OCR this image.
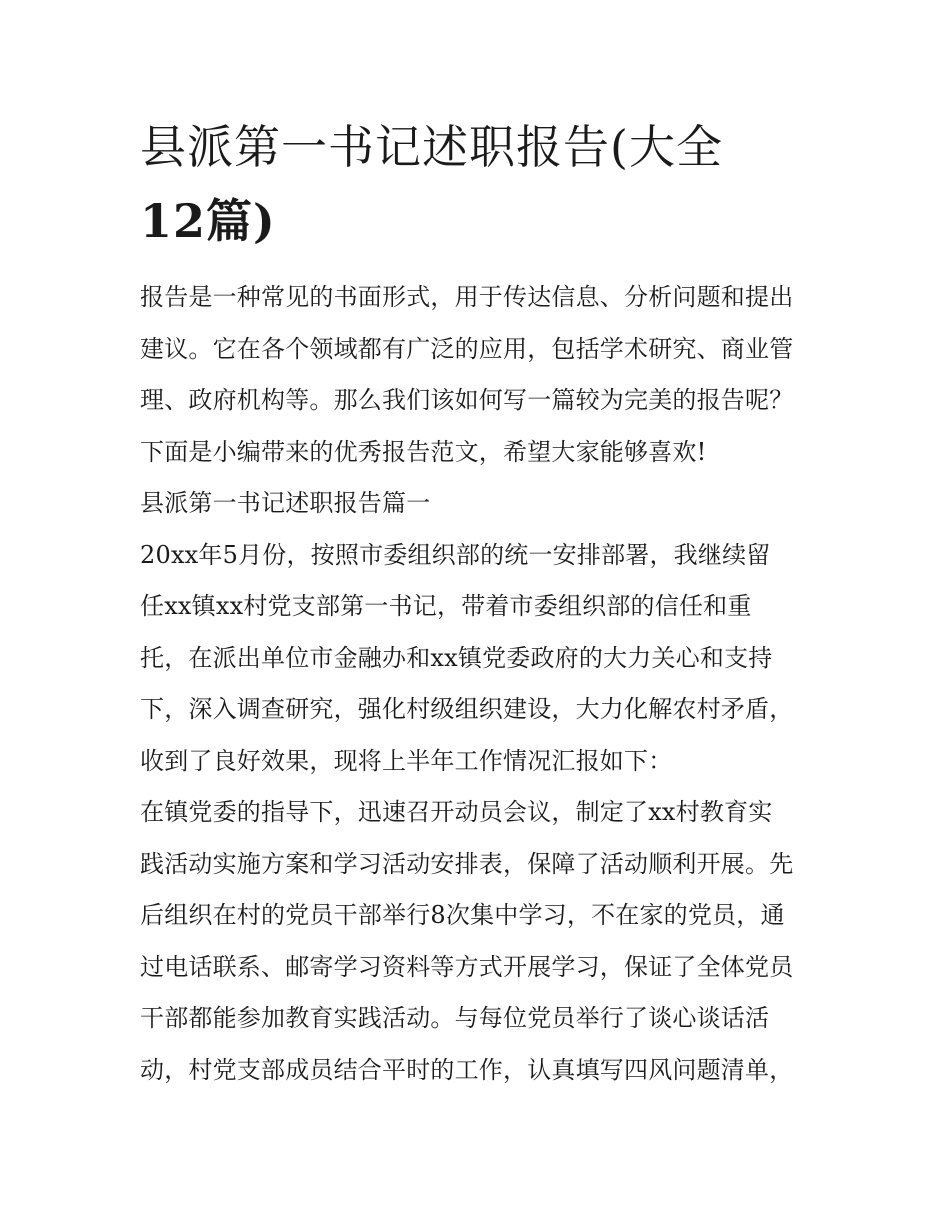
县派第一书记述职报告(大全
12篇)
报告是一种常见的书面形式，用于传达信息、分析问题和提出
建议。它在各个领域都有广泛的应用，包括学术研究、商业管
理、政府机构等。那么我们该如何写一篇较为完美的报告呢？
下面是小编带来的优秀报告范文，希望大家能够喜欢!
县派第一书记述职报告篇一
20xx年5月份，按照市委组织部的统一安排部署，我继续留
任xx镇xx村党支部第一书记，带着市委组织部的信任和重
托，在派出单位市金融办和xx镇党委政府的大力关心和支持
下，深入调查研究，强化村级组织建设，大力化解农村矛盾，
收到了良好效果，现将上半年工作情况汇报如下：
在镇党委的指导下，迅速召开动员会议，制定了xx村教育实
践活动实施方案和学习活动安排表，保障了活动顺利开展。先
后组织在村的党员干部举行8次集中学习，不在家的党员，通
过电话联系、邮寄学习资料等方式开展学习，保证了全体党员
干部都能参加教育实践活动。与每位党员举行了谈心谈话活
动，村党支部成员结合平时的工作，认真填写四风问题清单，
